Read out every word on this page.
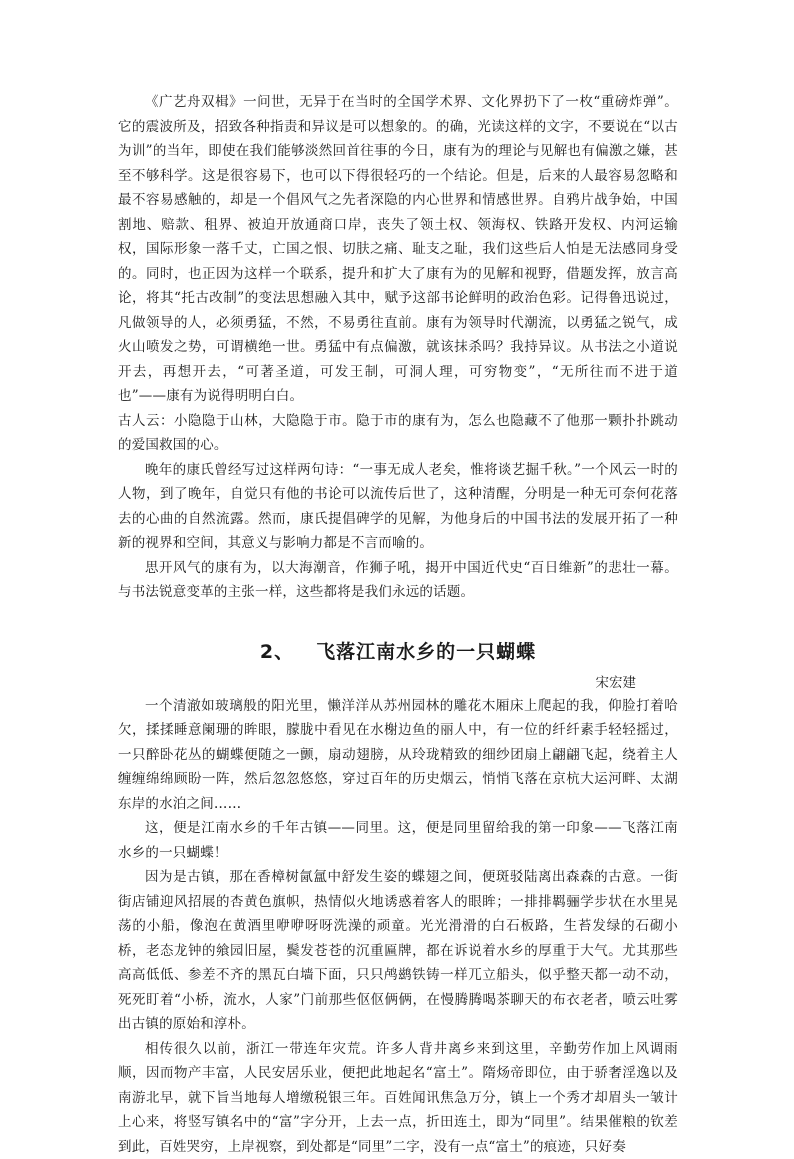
《广艺舟双楫》一问世，无异于在当时的全国学术界、文化界扔下了一枚“重磅炸弹”。它的震波所及，招致各种指责和异议是可以想象的。的确，光读这样的文字，不要说在“以古为训”的当年，即使在我们能够淡然回首往事的今日，康有为的理论与见解也有偏激之嫌，甚至不够科学。这是很容易下，也可以下得很轻巧的一个结论。但是，后来的人最容易忽略和最不容易感触的，却是一个倡风气之先者深隐的内心世界和情感世界。自鸦片战争始，中国割地、赔款、租界、被迫开放通商口岸，丧失了领土权、领海权、铁路开发权、内河运输权，国际形象一落千丈，亡国之恨、切肤之痛、耻支之耻，我们这些后人怕是无法感同身受的。同时，也正因为这样一个联系，提升和扩大了康有为的见解和视野，借题发挥，放言高论，将其“托古改制”的变法思想融入其中，赋予这部书论鲜明的政治色彩。记得鲁迅说过，凡做领导的人，必须勇猛，不然，不易勇往直前。康有为领导时代潮流，以勇猛之锐气，成火山喷发之势，可谓横绝一世。勇猛中有点偏激，就该抹杀吗？我持异议。从书法之小道说开去，再想开去，“可著圣道，可发王制，可洞人理，可穷物变”，“无所往而不进于道也”——康有为说得明明白白。

古人云：小隐隐于山林，大隐隐于市。隐于市的康有为，怎么也隐藏不了他那一颗扑扑跳动的爱国救国的心。

晚年的康氏曾经写过这样两句诗：“一事无成人老矣，惟将谈艺掘千秋。”一个风云一时的人物，到了晚年，自觉只有他的书论可以流传后世了，这种清醒，分明是一种无可奈何花落去的心曲的自然流露。然而，康氏提倡碑学的见解，为他身后的中国书法的发展开拓了一种新的视界和空间，其意义与影响力都是不言而喻的。

思开风气的康有为，以大海潮音，作狮子吼，揭开中国近代史“百日维新”的悲壮一幕。与书法锐意变革的主张一样，这些都将是我们永远的话题。

2、 飞落江南水乡的一只蝴蝶

宋宏建

一个清澈如玻璃般的阳光里，懒洋洋从苏州园林的雕花木厢床上爬起的我，仰脸打着哈欠，揉揉睡意阑珊的眸眼，朦胧中看见在水榭边鱼的丽人中，有一位的纤纤素手轻轻摇过，一只醉卧花丛的蝴蝶便随之一颤，扇动翅膀，从玲珑精致的细纱团扇上翩翩飞起，绕着主人缠缠绵绵顾盼一阵，然后忽忽悠悠，穿过百年的历史烟云，悄悄飞落在京杭大运河畔、太湖东岸的水泊之间……

这，便是江南水乡的千年古镇——同里。这，便是同里留给我的第一印象——飞落江南水乡的一只蝴蝶！

因为是古镇，那在香樟树氤氲中舒发生姿的蝶翅之间，便斑驳陆离出森森的古意。一街街店铺迎风招展的杏黄色旗帜，热情似火地诱惑着客人的眼眸；一排排羁骊学步状在水里晃荡的小船，像泡在黄酒里咿咿呀呀洗澡的顽童。光光滑滑的白石板路，生苔发绿的石砌小桥，老态龙钟的飨园旧屋，鬓发苍苍的沉重匾牌，都在诉说着水乡的厚重于大气。尤其那些高高低低、参差不齐的黑瓦白墙下面，只只鸬鹚铁铸一样兀立船头，似乎整天都一动不动，死死盯着“小桥，流水，人家”门前那些伛伛俩俩，在慢腾腾喝茶聊天的布衣老者，喷云吐雾出古镇的原始和淳朴。

相传很久以前，浙江一带连年灾荒。许多人背井离乡来到这里，辛勤劳作加上风调雨顺，因而物产丰富，人民安居乐业，便把此地起名“富土”。隋炀帝即位，由于骄奢淫逸以及南游北早，就下旨当地每人增缴税银三年。百姓闻讯焦急万分，镇上一个秀才却眉头一皱计上心来，将竖写镇名中的“富”字分开，上去一点，折田连土，即为“同里”。结果催粮的钦差到此，百姓哭穷，上岸视察，到处都是“同里”二字，没有一点“富土”的痕迹，只好奏
